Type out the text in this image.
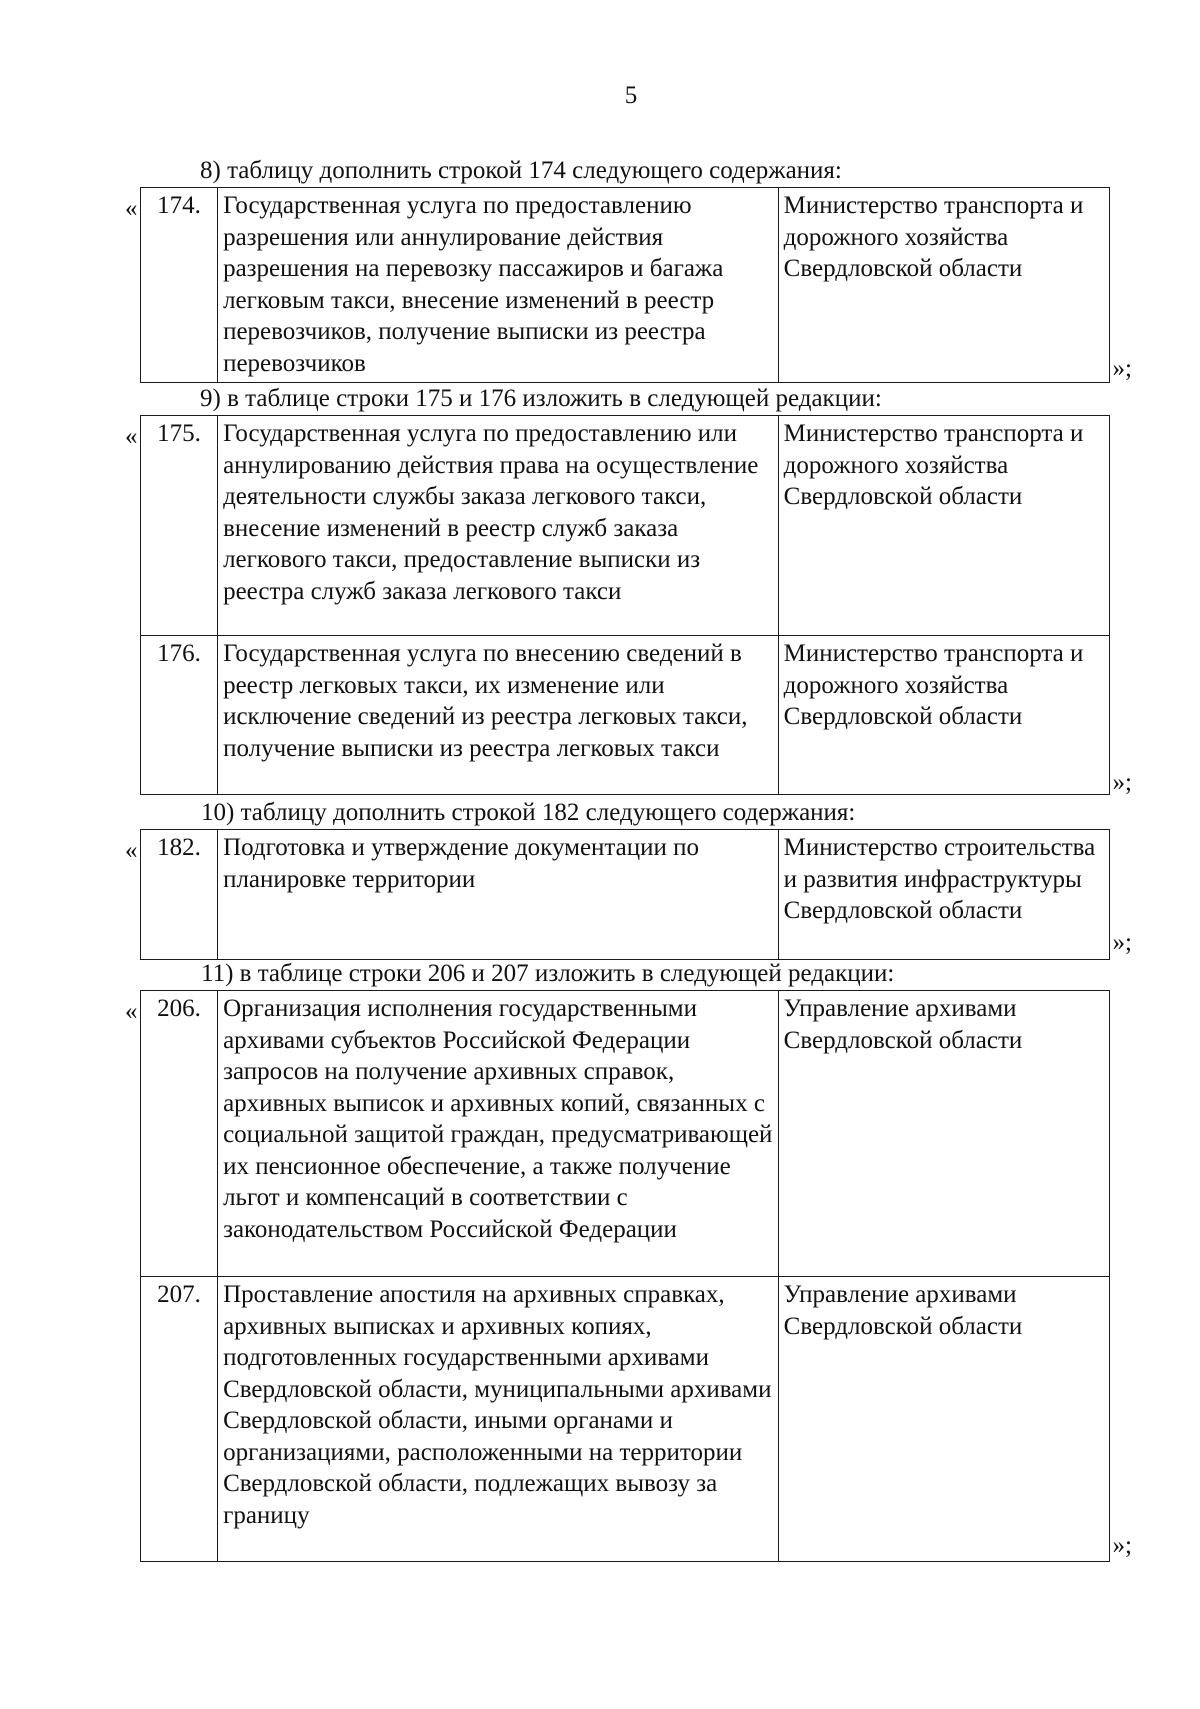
5
8) таблицу дополнить строкой 174 следующего содержания:
« 174.	Государственная услуга по предоставлению разрешения или аннулирование действия разрешения на перевозку пассажиров и багажа легковым такси, внесение изменений в реестр перевозчиков, получение выписки из реестра перевозчиков	Министерство транспорта и дорожного хозяйства Свердловской области
»;
9) в таблице строки 175 и 176 изложить в следующей редакции:
« 175.	Государственная услуга по предоставлению или аннулированию действия права на осуществление деятельности службы заказа легкового такси, внесение изменений в реестр служб заказа легкового такси, предоставление выписки из реестра служб заказа легкового такси	Министерство транспорта и дорожного хозяйства Свердловской области
176.	Государственная услуга по внесению сведений в реестр легковых такси, их изменение или исключение сведений из реестра легковых такси, получение выписки из реестра легковых такси	Министерство транспорта и дорожного хозяйства Свердловской области
»;
10) таблицу дополнить строкой 182 следующего содержания:
« 182.	Подготовка и утверждение документации по планировке территории	Министерство строительства и развития инфраструктуры Свердловской области
»;
11) в таблице строки 206 и 207 изложить в следующей редакции:
« 206.	Организация исполнения государственными архивами субъектов Российской Федерации запросов на получение архивных справок, архивных выписок и архивных копий, связанных с социальной защитой граждан, предусматривающей их пенсионное обеспечение, а также получение льгот и компенсаций в соответствии с законодательством Российской Федерации	Управление архивами Свердловской области
207.	Проставление апостиля на архивных справках, архивных выписках и архивных копиях, подготовленных государственными архивами Свердловской области, муниципальными архивами Свердловской области, иными органами и организациями, расположенными на территории Свердловской области, подлежащих вывозу за границу	Управление архивами Свердловской области
»;
